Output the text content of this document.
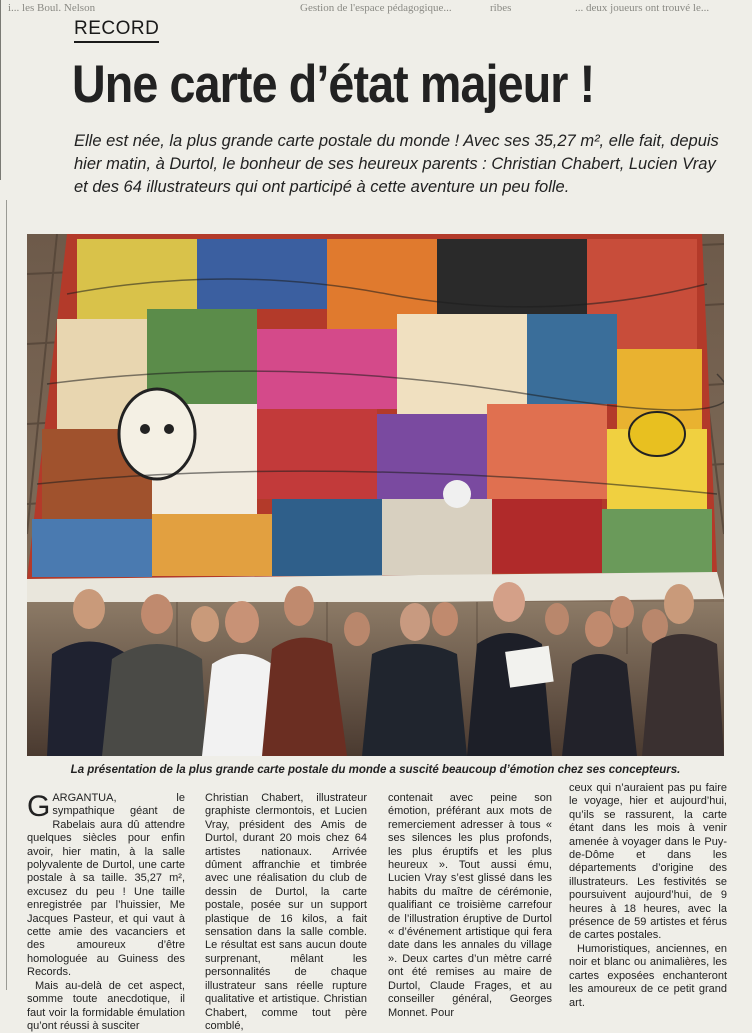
i... les Boul. Nelson	Gestion de l'espace pédagogique...	ribes	... deux joueurs ont trouvé le...
RECORD
Une carte d’état majeur !

Elle est née, la plus grande carte postale du monde ! Avec ses 35,27 m², elle fait, depuis hier matin, à Durtol, le bonheur de ses heureux parents : Christian Chabert, Lucien Vray et des 64 illustrateurs qui ont participé à cette aventure un peu folle.

La présentation de la plus grande carte postale du monde a suscité beaucoup d’émotion chez ses concepteurs.

GARGANTUA, le sympathique géant de Rabelais aura dû attendre quelques siècles pour enfin avoir, hier matin, à la salle polyvalente de Durtol, une carte postale à sa taille. 35,27 m², excusez du peu ! Une taille enregistrée par l’huissier, Me Jacques Pasteur, et qui vaut à cette amie des vacanciers et des amoureux d’être homologuée au Guiness des Records.

Mais au-delà de cet aspect, somme toute anecdotique, il faut voir la formidable émulation qu’ont réussi à susciter

Christian Chabert, illustrateur graphiste clermontois, et Lucien Vray, président des Amis de Durtol, durant 20 mois chez 64 artistes nationaux. Arrivée dûment affranchie et timbrée avec une réalisation du club de dessin de Durtol, la carte postale, posée sur un support plastique de 16 kilos, a fait sensation dans la salle comble. Le résultat est sans aucun doute surprenant, mêlant les personnalités de chaque illustrateur sans réelle rupture qualitative et artistique. Christian Chabert, comme tout père comblé,

contenait avec peine son émotion, préférant aux mots de remerciement adresser à tous « ses silences les plus profonds, les plus éruptifs et les plus heureux ». Tout aussi ému, Lucien Vray s’est glissé dans les habits du maître de cérémonie, qualifiant ce troisième carrefour de l’illustration éruptive de Durtol « d’événement artistique qui fera date dans les annales du village ». Deux cartes d’un mètre carré ont été remises au maire de Durtol, Claude Frages, et au conseiller général, Georges Monnet. Pour

ceux qui n’auraient pas pu faire le voyage, hier et aujourd’hui, qu’ils se rassurent, la carte étant dans les mois à venir amenée à voyager dans le Puy-de-Dôme et dans les départements d’origine des illustrateurs. Les festivités se poursuivent aujourd’hui, de 9 heures à 18 heures, avec la présence de 59 artistes et férus de cartes postales.

Humoristiques, anciennes, en noir et blanc ou animalières, les cartes exposées enchanteront les amoureux de ce petit grand art.
